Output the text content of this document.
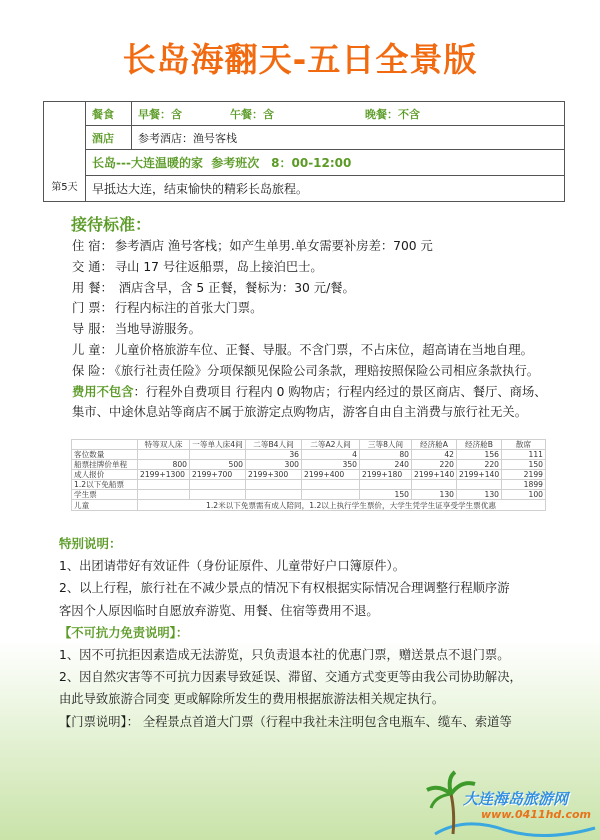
长岛海翻天-五日全景版
第5天	餐食	早餐：含 午餐：含 晚餐：不含

	酒店	参考酒店：渔号客栈
	长岛---大连温暖的家  参考班次 8：00-12:00	
	早抵达大连，结束愉快的精彩长岛旅程。	
接待标准：
住 宿： 参考酒店 渔号客栈；如产生单男.单女需要补房差：700 元
交 通： 寻山 17 号往返船票，岛上接泊巴士。
用 餐： 酒店含早，含 5 正餐，餐标为：30 元/餐。
门 票： 行程内标注的首张大门票。
导 服： 当地导游服务。
儿 童： 儿童价格旅游车位、正餐、导服。不含门票，不占床位，超高请在当地自理。
保 险： 《旅行社责任险》分项保额见保险公司条款，理赔按照保险公司相应条款执行。
费用不包含：行程外自费项目 行程内 0 购物店；行程内经过的景区商店、餐厅、商场、
集市、中途休息站等商店不属于旅游定点购物店，游客自由自主消费与旅行社无关。
	特等双人床	一等单人床4间	二等B4人间	二等A2人间	三等8人间	经济舱A	经济舱B	散席
客位数量			36	4	80	42	156	111
船票挂牌价单程	800	500	300	350	240	220	220	150
成人报价	2199+1300	2199+700	2199+300	2199+400	2199+180	2199+140	2199+140	2199
1.2以下免船票								1899
学生票					150	130	130	100
儿童	1.2米以下免票需有成人陪同，1.2以上执行学生票价，大学生凭学生证享受学生票优惠							
特别说明：
1、出团请带好有效证件（身份证原件、儿童带好户口簿原件）。
2、以上行程，旅行社在不减少景点的情况下有权根据实际情况合理调整行程顺序游
客因个人原因临时自愿放弃游览、用餐、住宿等费用不退。
【不可抗力免责说明】：
1、因不可抗拒因素造成无法游览，只负责退本社的优惠门票，赠送景点不退门票。
2、因自然灾害等不可抗力因素导致延误、滞留、交通方式变更等由我公司协助解决，
由此导致旅游合同变 更或解除所发生的费用根据旅游法相关规定执行。
【门票说明】： 全程景点首道大门票（行程中我社未注明包含电瓶车、缆车、索道等
大连海岛旅游网
www.0411hd.com
